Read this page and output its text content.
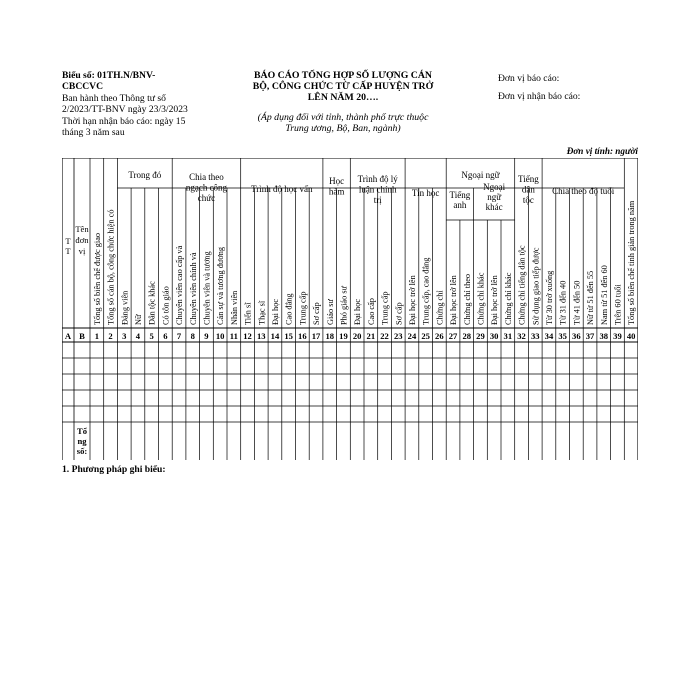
Biểu số: 01TH.N/BNV-
CBCCVC
Ban hành theo Thông tư số
2/2023/TT-BNV ngày 23/3/2023
Thời hạn nhận báo cáo: ngày 15
tháng 3 năm sau
BÁO CÁO TỔNG HỢP SỐ LƯỢNG CÁN
BỘ, CÔNG CHỨC TỪ CẤP HUYỆN TRỞ
LÊN NĂM 20….
(Áp dụng đối với tỉnh, thành phố trực thuộc
Trung ương, Bộ, Ban, ngành)
Đơn vị báo cáo:
Đơn vị nhận báo cáo:
Đơn vị tính: người
T
T
Tên
đơn
vị
Trong đó	Chia theo
ngạch công
chức
Trình độ học vấn
Học
hàm
Trình độ lý
luận chính
trị
Tin học
Ngoại ngữ Tiếng
dân
tộc
Chia theo độ tuổi
Tiếng
anh
Ngoại
ngữ
khác
Tổng số biên chế được giao Tổng số cán bộ, công chức hiện có Đảng viên Nữ Dân tộc khác Có tôn giáo Chuyên viên cao cấp và Chuyên viên chính và Chuyên viên và tương Cán sự và tương đương Nhân viên Tiến sĩ Thạc sĩ Đại học Cao đẳng Trung cấp Sơ cấp Giáo sư Phó giáo sư Đại học Cao cấp Trung cấp Sơ cấp Đại học trở lên Trung cấp, cao đẳng Chứng chỉ Đại học trở lên Chứng chỉ theo Chứng chỉ khác Đại học trở lên Chứng chỉ khác Chứng chỉ tiếng dân tộc Sử dụng giao tiếp được Từ 30 trở xuống Từ 31 đến 40 Từ 41 đến 50 Nữ từ 51 đến 55 Nam từ 51 đến 60 Trên 60 tuổi Tổng số biên chế tinh giản trong năm
A B 1 2 3 4 5 6 7 8 9 10 11 12 13 14 15 16 17 18 19 20 21 22 23 24 25 26 27 28 29 30 31 32 33 34 35 36 37 38 39 40
Tổ
ng
số:
1. Phương pháp ghi biểu:
